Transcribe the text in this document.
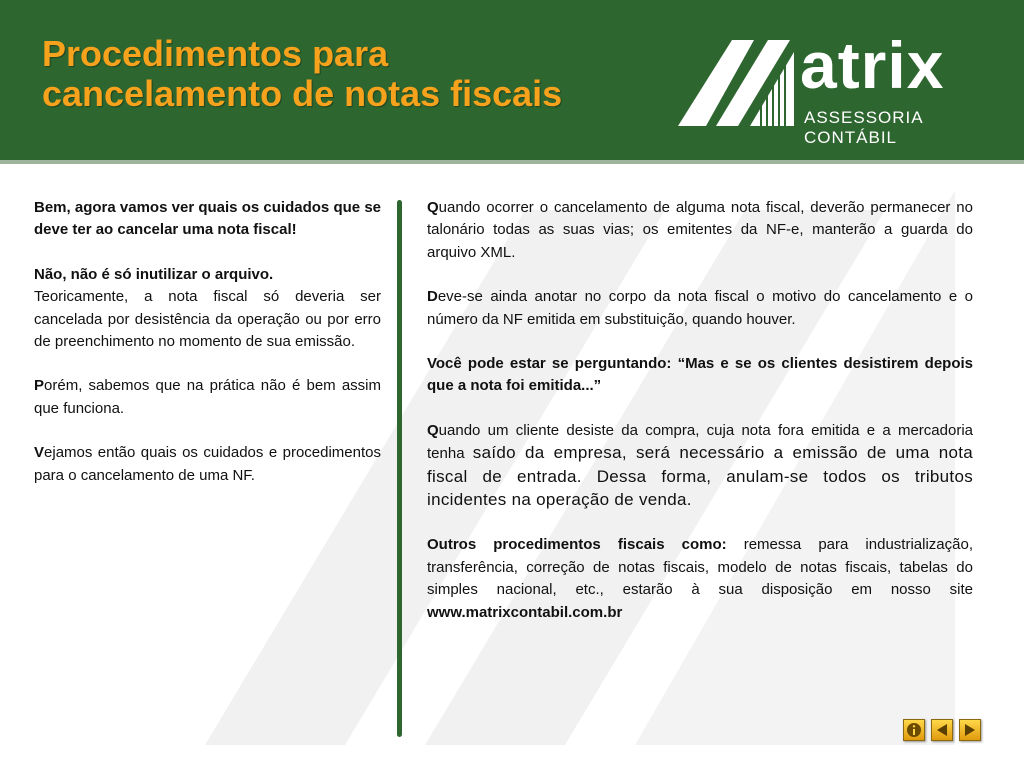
Procedimentos para
cancelamento de notas fiscais	atrix
ASSESSORIA CONTÁBIL

Bem, agora vamos ver quais os cuidados que se deve ter ao cancelar uma nota fiscal!

Não, não é só inutilizar o arquivo.

Teoricamente, a nota fiscal só deveria ser cancelada por desistência da operação ou por erro de preenchimento no momento de sua emissão.

Porém, sabemos que na prática não é bem assim que funciona.

Vejamos então quais os cuidados e procedimentos para o cancelamento de uma NF.

Quando ocorrer o cancelamento de alguma nota fiscal, deverão permanecer no talonário todas as suas vias; os emitentes da NF-e, manterão a guarda do arquivo XML.

Deve-se ainda anotar no corpo da nota fiscal o motivo do cancelamento e o número da NF emitida em substituição, quando houver.

Você pode estar se perguntando: “Mas e se os clientes desistirem depois que a nota foi emitida...”

Quando um cliente desiste da compra, cuja nota fora emitida e a mercadoria tenha saído da empresa, será necessário a emissão de uma nota fiscal de entrada. Dessa forma, anulam-se todos os tributos incidentes na operação de venda.

Outros procedimentos fiscais como: remessa para industrialização, transferência, correção de notas fiscais, modelo de notas fiscais, tabelas do simples nacional, etc., estarão à sua disposição em nosso site www.matrixcontabil.com.br
